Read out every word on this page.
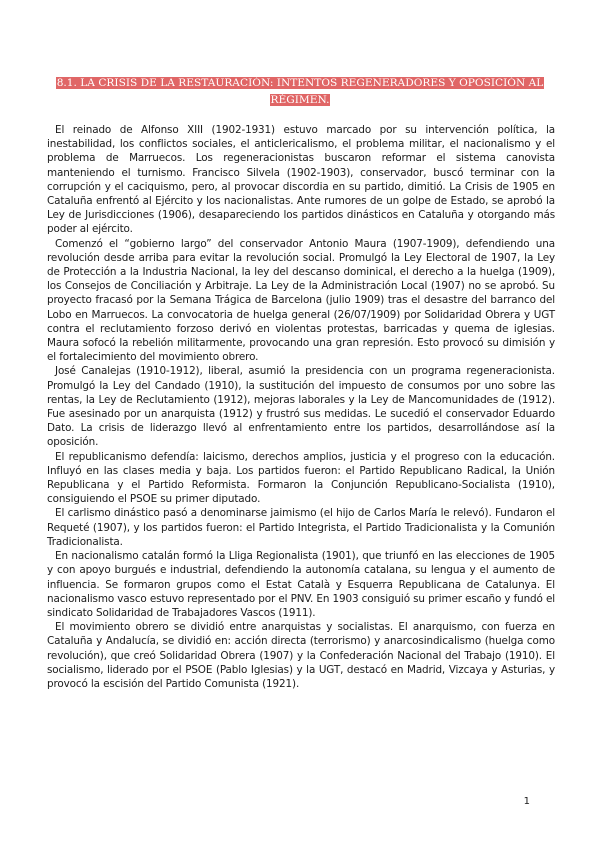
8.1. LA CRISIS DE LA RESTAURACIÓN: INTENTOS REGENERADORES Y OPOSICIÓN AL RÉGIMEN.

El reinado de Alfonso XIII (1902-1931) estuvo marcado por su intervención política, la inestabilidad, los conflictos sociales, el anticlericalismo, el problema militar, el nacionalismo y el problema de Marruecos. Los regeneracionistas buscaron reformar el sistema canovista manteniendo el turnismo. Francisco Silvela (1902-1903), conservador, buscó terminar con la corrupción y el caciquismo, pero, al provocar discordia en su partido, dimitió. La Crisis de 1905 en Cataluña enfrentó al Ejército y los nacionalistas. Ante rumores de un golpe de Estado, se aprobó la Ley de Jurisdicciones (1906), desapareciendo los partidos dinásticos en Cataluña y otorgando más poder al ejército.

Comenzó el “gobierno largo” del conservador Antonio Maura (1907-1909), defendiendo una revolución desde arriba para evitar la revolución social. Promulgó la Ley Electoral de 1907, la Ley de Protección a la Industria Nacional, la ley del descanso dominical, el derecho a la huelga (1909), los Consejos de Conciliación y Arbitraje. La Ley de la Administración Local (1907) no se aprobó. Su proyecto fracasó por la Semana Trágica de Barcelona (julio 1909) tras el desastre del barranco del Lobo en Marruecos. La convocatoria de huelga general (26/07/1909) por Solidaridad Obrera y UGT contra el reclutamiento forzoso derivó en violentas protestas, barricadas y quema de iglesias. Maura sofocó la rebelión militarmente, provocando una gran represión. Esto provocó su dimisión y el fortalecimiento del movimiento obrero.

José Canalejas (1910-1912), liberal, asumió la presidencia con un programa regeneracionista. Promulgó la Ley del Candado (1910), la sustitución del impuesto de consumos por uno sobre las rentas, la Ley de Reclutamiento (1912), mejoras laborales y la Ley de Mancomunidades de (1912). Fue asesinado por un anarquista (1912) y frustró sus medidas. Le sucedió el conservador Eduardo Dato. La crisis de liderazgo llevó al enfrentamiento entre los partidos, desarrollándose así la oposición.

El republicanismo defendía: laicismo, derechos amplios, justicia y el progreso con la educación. Influyó en las clases media y baja. Los partidos fueron: el Partido Republicano Radical, la Unión Republicana y el Partido Reformista. Formaron la Conjunción Republicano-Socialista (1910), consiguiendo el PSOE su primer diputado.

El carlismo dinástico pasó a denominarse jaimismo (el hijo de Carlos María le relevó). Fundaron el Requeté (1907), y los partidos fueron: el Partido Integrista, el Partido Tradicionalista y la Comunión Tradicionalista.

En nacionalismo catalán formó la Lliga Regionalista (1901), que triunfó en las elecciones de 1905 y con apoyo burgués e industrial, defendiendo la autonomía catalana, su lengua y el aumento de influencia. Se formaron grupos como el Estat Català y Esquerra Republicana de Catalunya. El nacionalismo vasco estuvo representado por el PNV. En 1903 consiguió su primer escaño y fundó el sindicato Solidaridad de Trabajadores Vascos (1911).

El movimiento obrero se dividió entre anarquistas y socialistas. El anarquismo, con fuerza en Cataluña y Andalucía, se dividió en: acción directa (terrorismo) y anarcosindicalismo (huelga como revolución), que creó Solidaridad Obrera (1907) y la Confederación Nacional del Trabajo (1910). El socialismo, liderado por el PSOE (Pablo Iglesias) y la UGT, destacó en Madrid, Vizcaya y Asturias, y provocó la escisión del Partido Comunista (1921).

1
